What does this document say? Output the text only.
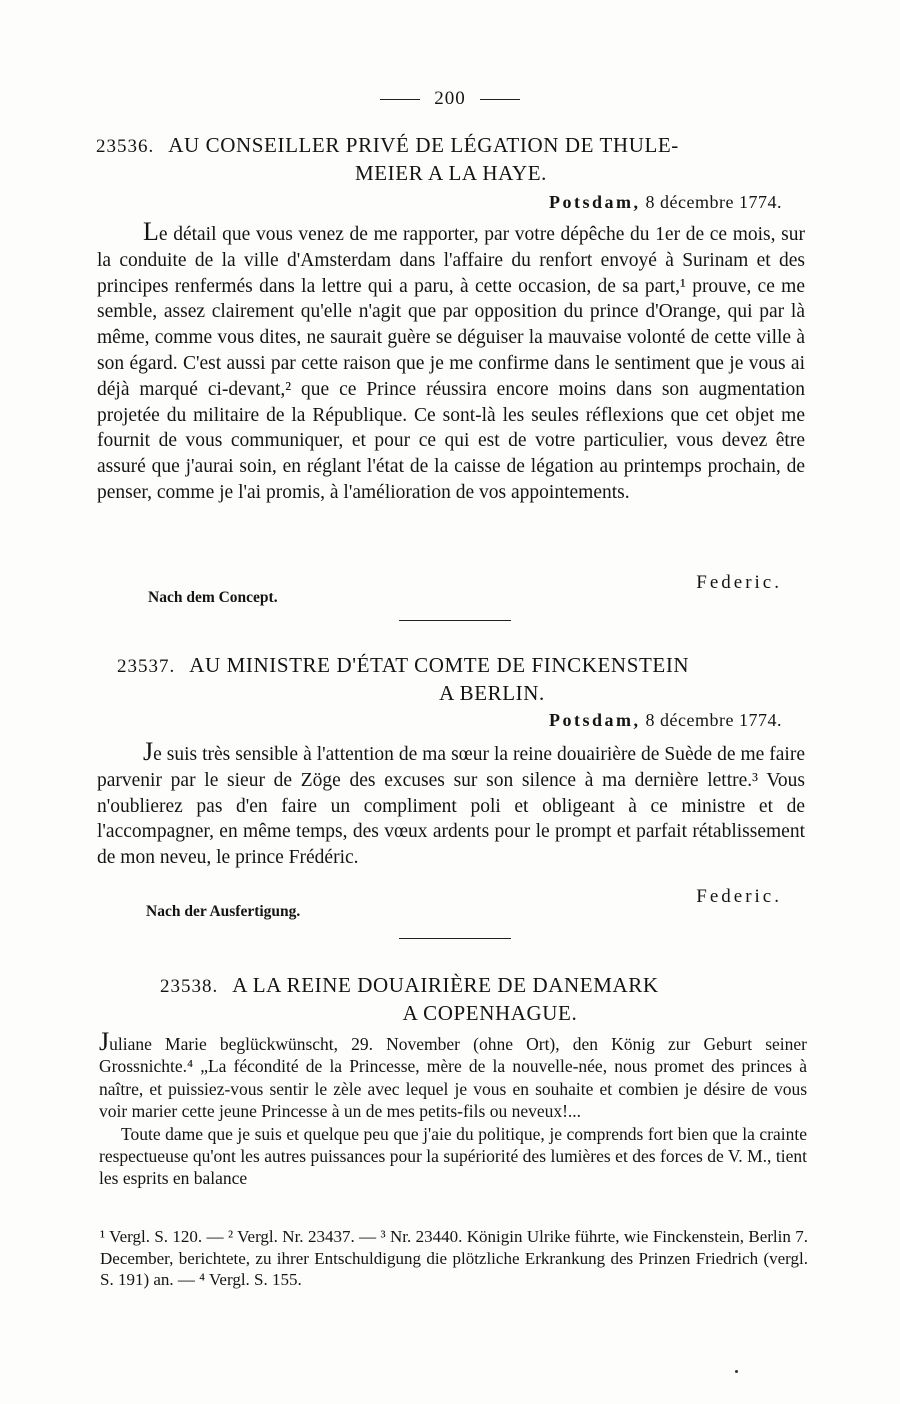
200
23536. AU CONSEILLER PRIVÉ DE LÉGATION DE THULE-
MEIER A LA HAYE.
Potsdam, 8 décembre 1774.

Le détail que vous venez de me rapporter, par votre dépêche du 1er de ce mois, sur la conduite de la ville d'Amsterdam dans l'affaire du renfort envoyé à Surinam et des principes renfermés dans la lettre qui a paru, à cette occasion, de sa part,¹ prouve, ce me semble, assez clairement qu'elle n'agit que par opposition du prince d'Orange, qui par là même, comme vous dites, ne saurait guère se déguiser la mauvaise volonté de cette ville à son égard. C'est aussi par cette raison que je me confirme dans le sentiment que je vous ai déjà marqué ci-devant,² que ce Prince réussira encore moins dans son augmentation projetée du militaire de la République. Ce sont-là les seules réflexions que cet objet me fournit de vous communiquer, et pour ce qui est de votre particulier, vous devez être assuré que j'aurai soin, en réglant l'état de la caisse de légation au printemps prochain, de penser, comme je l'ai promis, à l'amélioration de vos appointements.

Federic.
Nach dem Concept.
23537. AU MINISTRE D'ÉTAT COMTE DE FINCKENSTEIN
A BERLIN.
Potsdam, 8 décembre 1774.

Je suis très sensible à l'attention de ma sœur la reine douairière de Suède de me faire parvenir par le sieur de Zöge des excuses sur son silence à ma dernière lettre.³ Vous n'oublierez pas d'en faire un compliment poli et obligeant à ce ministre et de l'accompagner, en même temps, des vœux ardents pour le prompt et parfait rétablissement de mon neveu, le prince Frédéric.

Federic.
Nach der Ausfertigung.
23538. A LA REINE DOUAIRIÈRE DE DANEMARK
A COPENHAGUE.

Juliane Marie beglückwünscht, 29. November (ohne Ort), den König zur Geburt seiner Grossnichte.⁴ „La fécondité de la Princesse, mère de la nouvelle-née, nous promet des princes à naître, et puissiez-vous sentir le zèle avec lequel je vous en souhaite et combien je désire de vous voir marier cette jeune Princesse à un de mes petits-fils ou neveux!...

Toute dame que je suis et quelque peu que j'aie du politique, je comprends fort bien que la crainte respectueuse qu'ont les autres puissances pour la supériorité des lumières et des forces de V. M., tient les esprits en balance

¹ Vergl. S. 120. — ² Vergl. Nr. 23437. — ³ Nr. 23440. Königin Ulrike führte, wie Finckenstein, Berlin 7. December, berichtete, zu ihrer Entschuldigung die plötzliche Erkrankung des Prinzen Friedrich (vergl. S. 191) an. — ⁴ Vergl. S. 155.
